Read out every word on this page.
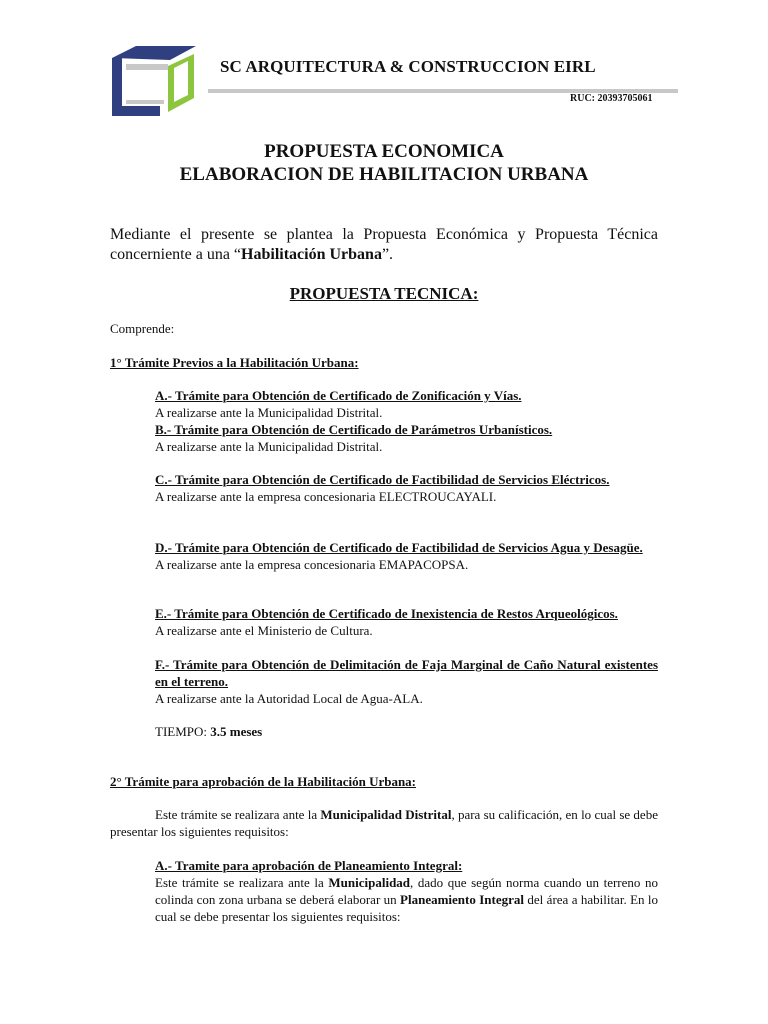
SC ARQUITECTURA & CONSTRUCCION EIRL
RUC: 20393705061
PROPUESTA ECONOMICA
ELABORACION DE HABILITACION URBANA
Mediante el presente se plantea la Propuesta Económica y Propuesta Técnica concerniente a una “Habilitación Urbana”.
PROPUESTA TECNICA:
Comprende:
1° Trámite Previos a la Habilitación Urbana:
A.- Trámite para Obtención de Certificado de Zonificación y Vías.
A realizarse ante la Municipalidad Distrital.
B.- Trámite para Obtención de Certificado de Parámetros Urbanísticos.
A realizarse ante la Municipalidad Distrital.
C.- Trámite para Obtención de Certificado de Factibilidad de Servicios Eléctricos.
A realizarse ante la empresa concesionaria ELECTROUCAYALI.
D.- Trámite para Obtención de Certificado de Factibilidad de Servicios Agua y Desagüe.
A realizarse ante la empresa concesionaria EMAPACOPSA.
E.- Trámite para Obtención de Certificado de Inexistencia de Restos Arqueológicos.
A realizarse ante el Ministerio de Cultura.
F.- Trámite para Obtención de Delimitación de Faja Marginal de Caño Natural existentes en el terreno.
A realizarse ante la Autoridad Local de Agua-ALA.
TIEMPO: 3.5 meses
2° Trámite para aprobación de la Habilitación Urbana:
Este trámite se realizara ante la Municipalidad Distrital, para su calificación, en lo cual se debe presentar los siguientes requisitos:
A.- Tramite para aprobación de Planeamiento Integral:
Este trámite se realizara ante la Municipalidad, dado que según norma cuando un terreno no colinda con zona urbana se deberá elaborar un Planeamiento Integral del área a habilitar. En lo cual se debe presentar los siguientes requisitos:
